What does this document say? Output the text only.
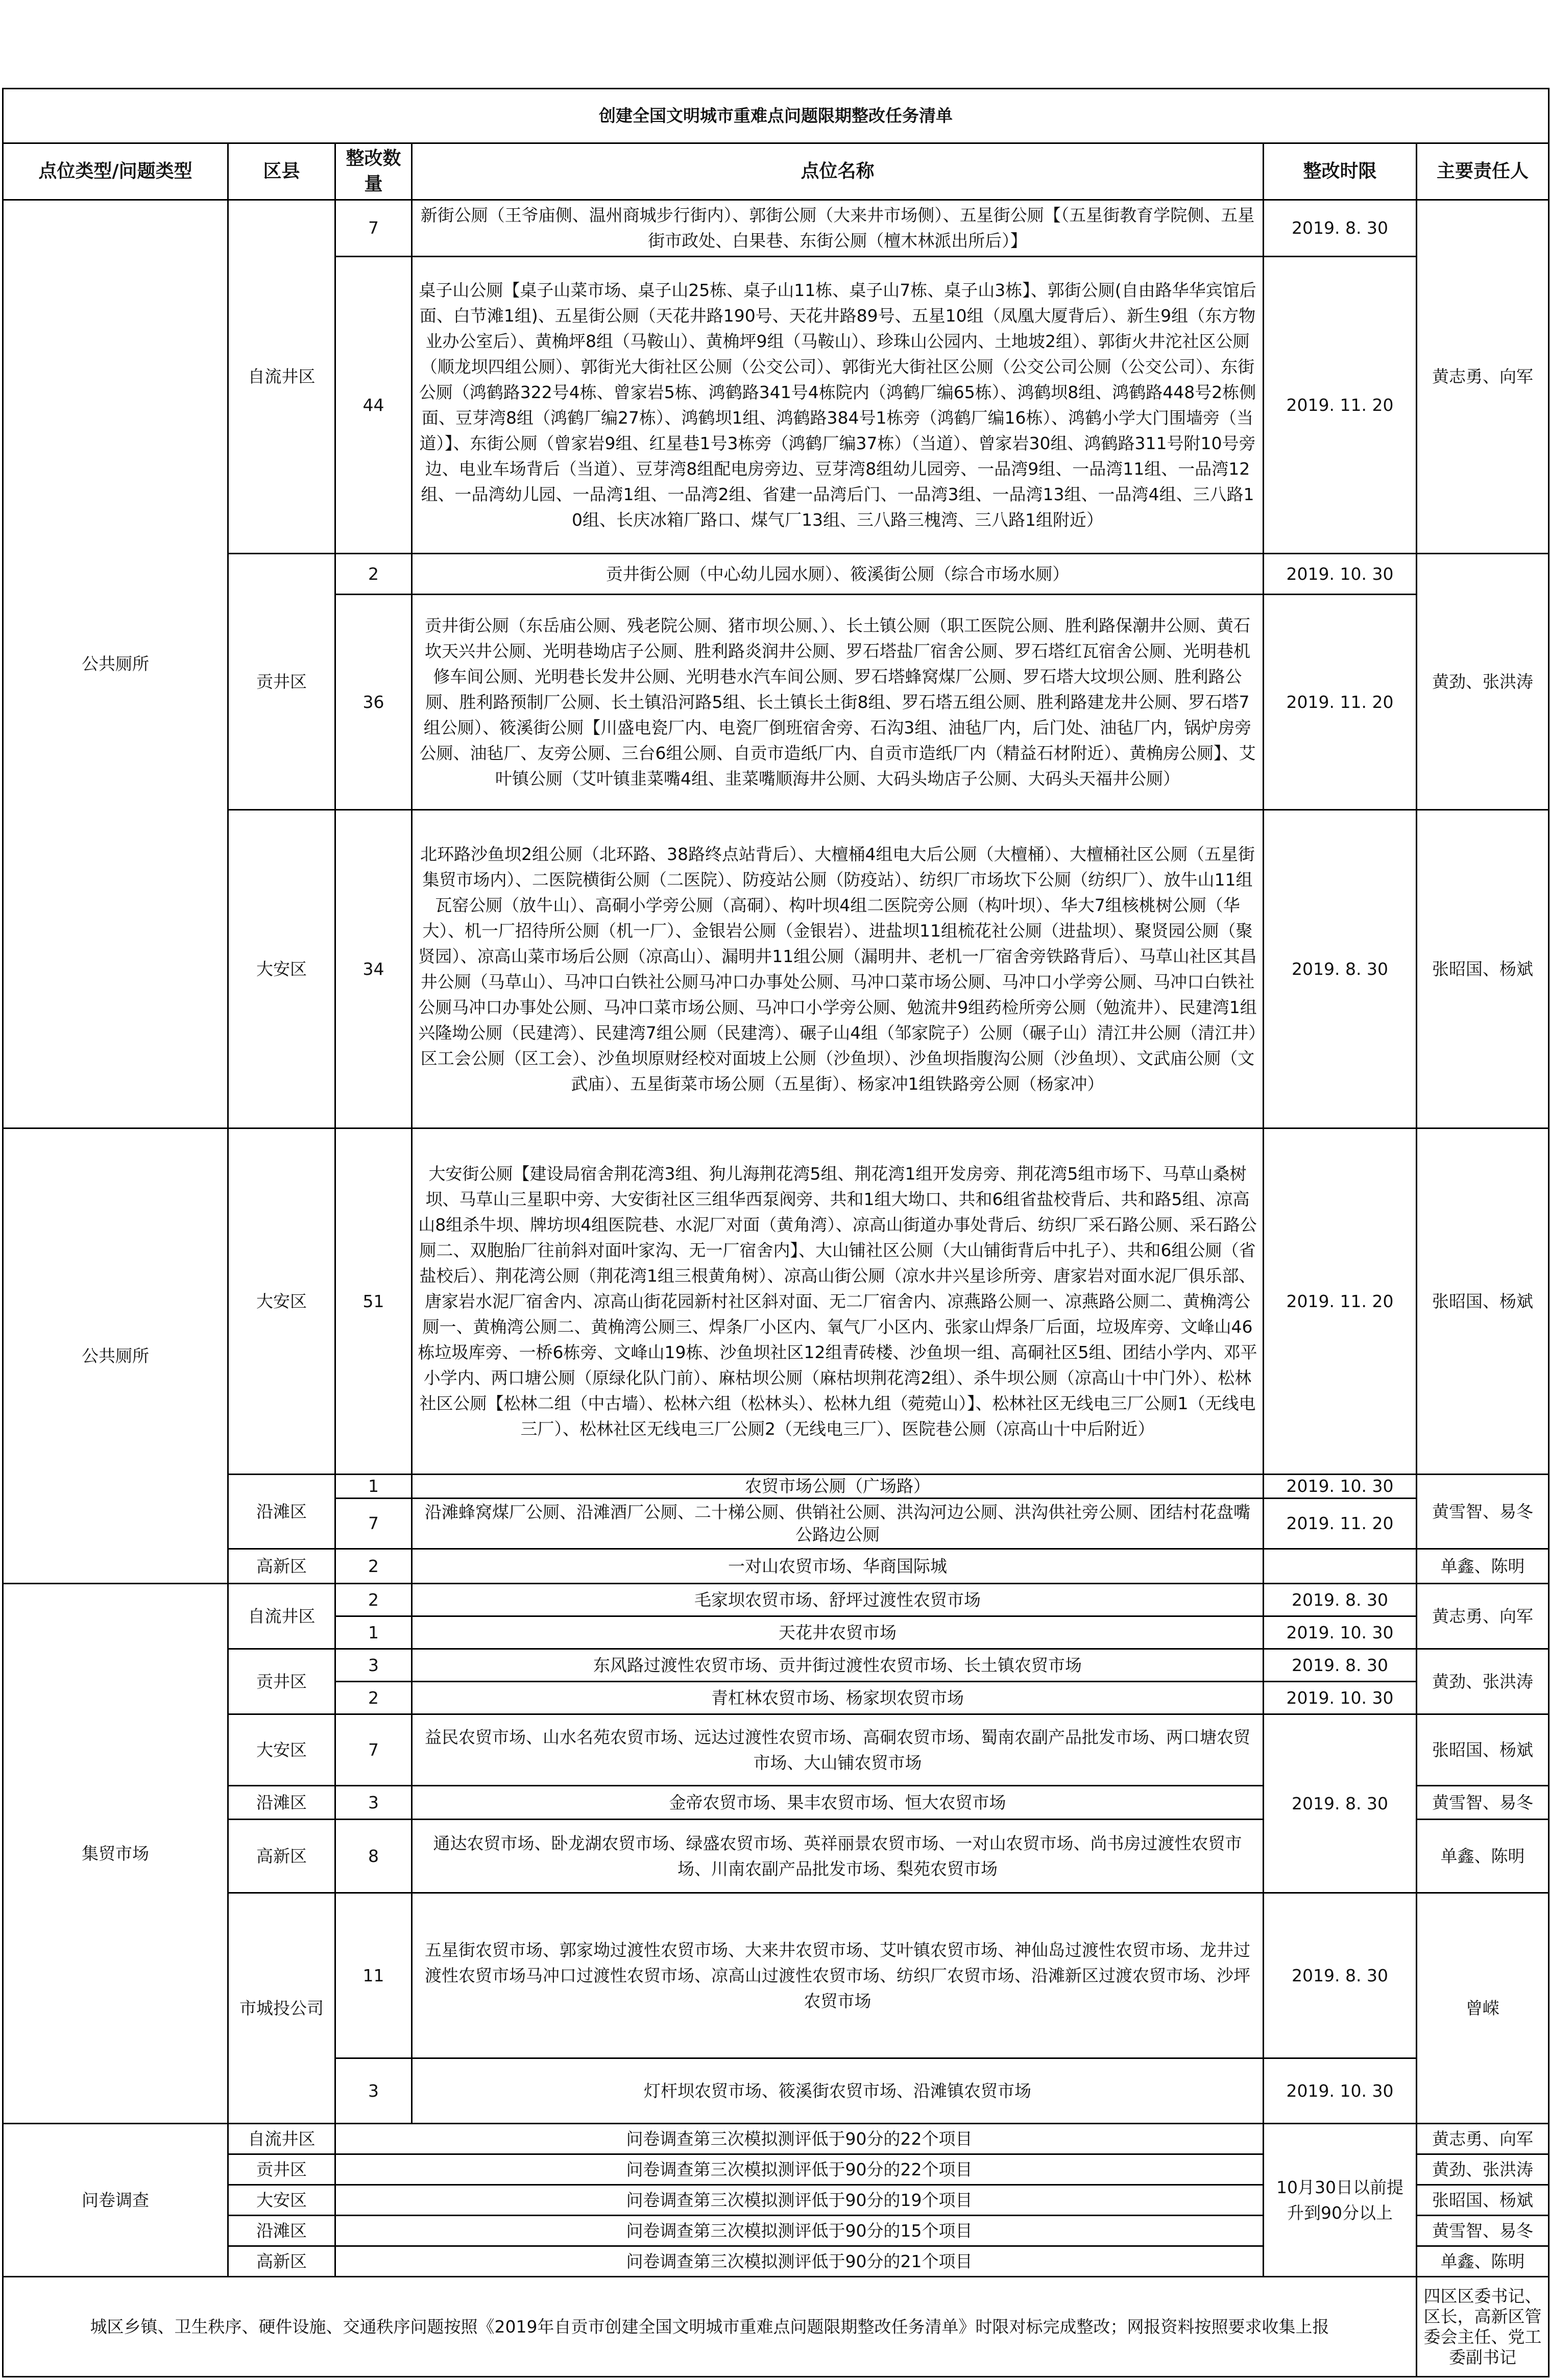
创建全国文明城市重难点问题限期整改任务清单					
点位类型/问题类型	区县	整改数量	点位名称	整改时限	主要责任人
公共厕所	自流井区	7	新街公厕（王爷庙侧、温州商城步行街内）、郭街公厕（大来井市场侧）、五星街公厕【（五星街教育学院侧、五星街市政处、白果巷、东街公厕（檀木林派出所后）】	2019. 8. 30	黄志勇、向军
		44	桌子山公厕【桌子山菜市场、桌子山25栋、桌子山11栋、桌子山7栋、桌子山3栋】、郭街公厕(自由路华华宾馆后面、白节滩1组)、五星街公厕（天花井路190号、天花井路89号、五星10组（凤凰大厦背后）、新生9组（东方物业办公室后）、黄桷坪8组（马鞍山）、黄桷坪9组（马鞍山）、珍珠山公园内、土地坡2组）、郭街火井沱社区公厕（顺龙坝四组公厕）、郭街光大街社区公厕（公交公司）、郭街光大街社区公厕（公交公司公厕（公交公司）、东街公厕（鸿鹤路322号4栋、曾家岩5栋、鸿鹤路341号4栋院内（鸿鹤厂编65栋）、鸿鹤坝8组、鸿鹤路448号2栋侧面、豆芽湾8组（鸿鹤厂编27栋）、鸿鹤坝1组、鸿鹤路384号1栋旁（鸿鹤厂编16栋）、鸿鹤小学大门围墙旁（当道）】、东街公厕（曾家岩9组、红星巷1号3栋旁（鸿鹤厂编37栋）（当道）、曾家岩30组、鸿鹤路311号附10号旁边、电业车场背后（当道）、豆芽湾8组配电房旁边、豆芽湾8组幼儿园旁、一品湾9组、一品湾11组、一品湾12组、一品湾幼儿园、一品湾1组、一品湾2组、省建一品湾后门、一品湾3组、一品湾13组、一品湾4组、三八路10组、长庆冰箱厂路口、煤气厂13组、三八路三槐湾、三八路1组附近）	2019. 11. 20	
	贡井区	2	贡井街公厕（中心幼儿园水厕）、筱溪街公厕（综合市场水厕）	2019. 10. 30	黄劲、张洪涛
		36	贡井街公厕（东岳庙公厕、残老院公厕、猪市坝公厕、）、长土镇公厕（职工医院公厕、胜利路保潮井公厕、黄石坎天兴井公厕、光明巷坳店子公厕、胜利路炎润井公厕、罗石塔盐厂宿舍公厕、罗石塔红瓦宿舍公厕、光明巷机修车间公厕、光明巷长发井公厕、光明巷水汽车间公厕、罗石塔蜂窝煤厂公厕、罗石塔大坟坝公厕、胜利路公厕、胜利路预制厂公厕、长土镇沿河路5组、长土镇长土街8组、罗石塔五组公厕、胜利路建龙井公厕、罗石塔7组公厕）、筱溪街公厕【川盛电瓷厂内、电瓷厂倒班宿舍旁、石沟3组、油毡厂内，后门处、油毡厂内，锅炉房旁公厕、油毡厂、友旁公厕、三台6组公厕、自贡市造纸厂内、自贡市造纸厂内（精益石材附近）、黄桷房公厕】、艾叶镇公厕（艾叶镇韭菜嘴4组、韭菜嘴顺海井公厕、大码头坳店子公厕、大码头天福井公厕）	2019. 11. 20	
	大安区	34	北环路沙鱼坝2组公厕（北环路、38路终点站背后）、大檀桶4组电大后公厕（大檀桶）、大檀桶社区公厕（五星街集贸市场内）、二医院横街公厕（二医院）、防疫站公厕（防疫站）、纺织厂市场坎下公厕（纺织厂）、放牛山11组瓦窑公厕（放牛山）、高硐小学旁公厕（高硐）、构叶坝4组二医院旁公厕（构叶坝）、华大7组核桃树公厕（华大）、机一厂招待所公厕（机一厂）、金银岩公厕（金银岩）、进盐坝11组梳花社公厕（进盐坝）、聚贤园公厕（聚贤园）、凉高山菜市场后公厕（凉高山）、漏明井11组公厕（漏明井、老机一厂宿舍旁铁路背后）、马草山社区其昌井公厕（马草山）、马冲口白铁社公厕马冲口办事处公厕、马冲口菜市场公厕、马冲口小学旁公厕、马冲口白铁社公厕马冲口办事处公厕、马冲口菜市场公厕、马冲口小学旁公厕、勉流井9组药检所旁公厕（勉流井）、民建湾1组兴隆坳公厕（民建湾）、民建湾7组公厕（民建湾）、碾子山4组（邹家院子）公厕（碾子山）清江井公厕（清江井）区工会公厕（区工会）、沙鱼坝原财经校对面坡上公厕（沙鱼坝）、沙鱼坝指腹沟公厕（沙鱼坝）、文武庙公厕（文武庙）、五星街菜市场公厕（五星街）、杨家冲1组铁路旁公厕（杨家冲）	2019. 8. 30	张昭国、杨斌

公共厕所	大安区	51	大安街公厕【建设局宿舍荆花湾3组、狗儿海荆花湾5组、荆花湾1组开发房旁、荆花湾5组市场下、马草山桑树坝、马草山三星职中旁、大安街社区三组华西泵阀旁、共和1组大坳口、共和6组省盐校背后、共和路5组、凉高山8组杀牛坝、牌坊坝4组医院巷、水泥厂对面（黄角湾）、凉高山街道办事处背后、纺织厂采石路公厕、采石路公厕二、双胞胎厂往前斜对面叶家沟、无一厂宿舍内】、大山铺社区公厕（大山铺街背后中扎子）、共和6组公厕（省盐校后）、荆花湾公厕（荆花湾1组三根黄角树）、凉高山街公厕（凉水井兴星诊所旁、唐家岩对面水泥厂俱乐部、唐家岩水泥厂宿舍内、凉高山街花园新村社区斜对面、无二厂宿舍内、凉燕路公厕一、凉燕路公厕二、黄桷湾公厕一、黄桷湾公厕二、黄桷湾公厕三、焊条厂小区内、氧气厂小区内、张家山焊条厂后面，垃圾库旁、文峰山46栋垃圾库旁、一桥6栋旁、文峰山19栋、沙鱼坝社区12组青砖楼、沙鱼坝一组、高硐社区5组、团结小学内、邓平小学内、两口塘公厕（原绿化队门前）、麻枯坝公厕（麻枯坝荆花湾2组）、杀牛坝公厕（凉高山十中门外）、松林社区公厕【松林二组（中古墙）、松林六组（松林头）、松林九组（菀菀山）】、松林社区无线电三厂公厕1（无线电三厂）、松林社区无线电三厂公厕2（无线电三厂）、医院巷公厕（凉高山十中后附近）	2019. 11. 20	张昭国、杨斌
	沿滩区	1	农贸市场公厕（广场路）	2019. 10. 30	黄雪智、易冬
		7	沿滩蜂窝煤厂公厕、沿滩酒厂公厕、二十梯公厕、供销社公厕、洪沟河边公厕、洪沟供社旁公厕、团结村花盘嘴公路边公厕	2019. 11. 20	
	高新区	2	一对山农贸市场、华商国际城		单鑫、陈明
集贸市场	自流井区	2	毛家坝农贸市场、舒坪过渡性农贸市场	2019. 8. 30	黄志勇、向军
		1	天花井农贸市场	2019. 10. 30	
	贡井区	3	东风路过渡性农贸市场、贡井街过渡性农贸市场、长土镇农贸市场	2019. 8. 30	黄劲、张洪涛
		2	青杠林农贸市场、杨家坝农贸市场	2019. 10. 30	
	大安区	7	益民农贸市场、山水名苑农贸市场、远达过渡性农贸市场、高硐农贸市场、蜀南农副产品批发市场、两口塘农贸市场、大山铺农贸市场	2019. 8. 30	张昭国、杨斌
	沿滩区	3	金帝农贸市场、果丰农贸市场、恒大农贸市场		黄雪智、易冬
	高新区	8	通达农贸市场、卧龙湖农贸市场、绿盛农贸市场、英祥丽景农贸市场、一对山农贸市场、尚书房过渡性农贸市场、川南农副产品批发市场、梨苑农贸市场		单鑫、陈明
	市城投公司	11	五星街农贸市场、郭家坳过渡性农贸市场、大来井农贸市场、艾叶镇农贸市场、神仙岛过渡性农贸市场、龙井过渡性农贸市场马冲口过渡性农贸市场、凉高山过渡性农贸市场、纺织厂农贸市场、沿滩新区过渡农贸市场、沙坪农贸市场	2019. 8. 30	曾嵘
		3	灯杆坝农贸市场、筱溪街农贸市场、沿滩镇农贸市场	2019. 10. 30	

问卷调查	自流井区	问卷调查第三次模拟测评低于90分的22个项目		10月30日以前提升到90分以上	黄志勇、向军
	贡井区	问卷调查第三次模拟测评低于90分的22个项目			黄劲、张洪涛
	大安区	问卷调查第三次模拟测评低于90分的19个项目			张昭国、杨斌
	沿滩区	问卷调查第三次模拟测评低于90分的15个项目			黄雪智、易冬
	高新区	问卷调查第三次模拟测评低于90分的21个项目			单鑫、陈明
城区乡镇、卫生秩序、硬件设施、交通秩序问题按照《2019年自贡市创建全国文明城市重难点问题限期整改任务清单》时限对标完成整改；网报资料按照要求收集上报					四区区委书记、区长，高新区管委会主任、党工委副书记
